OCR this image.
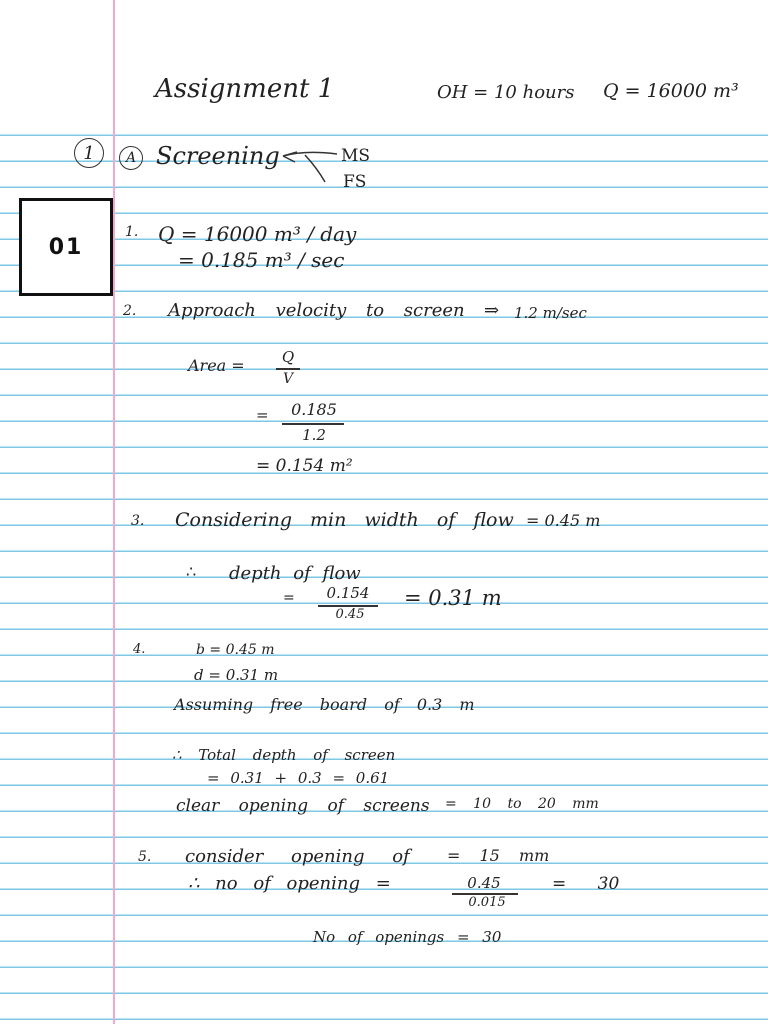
01
Assignment 1	OH = 10 hours Q = 16000 m³
1 A Screening	MS
FS
1. Q = 16000 m³ / day
= 0.185 m³ / sec
2. Approach velocity to screen ⇒ 1.2 m/sec
Area =	Q
V
=	0.185
1.2
= 0.154 m²
3. Considering min width of flow = 0.45 m
∴ depth of flow
=	0.154
0.45
= 0.31 m
4.	b = 0.45 m
d = 0.31 m
Assuming free board of 0.3 m
∴ Total depth of screen
= 0.31 + 0.3 = 0.61
clear opening of screens = 10 to 20 mm
5. consider opening of = 15 mm
∴ no of opening =	0.45
0.015
= 30
No of openings = 30
